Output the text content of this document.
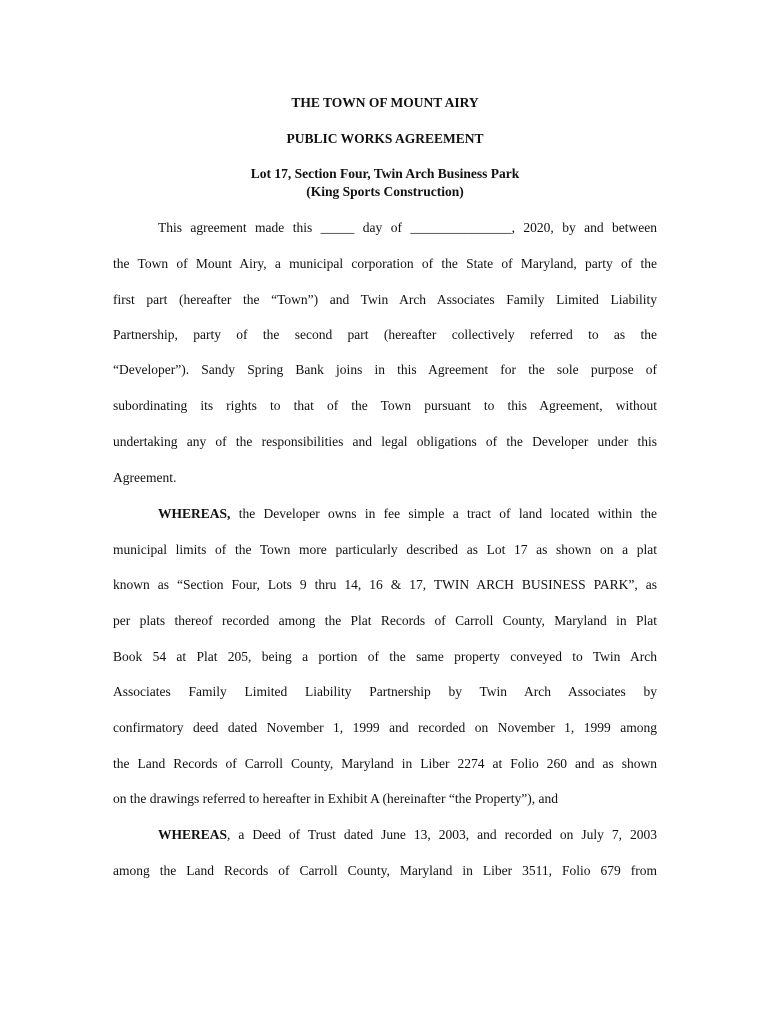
THE TOWN OF MOUNT AIRY

PUBLIC WORKS AGREEMENT

Lot 17, Section Four, Twin Arch Business Park

(King Sports Construction)

This agreement made this _____ day of _______________, 2020, by and between

the Town of Mount Airy, a municipal corporation of the State of Maryland, party of the

first part (hereafter the “Town”) and Twin Arch Associates Family Limited Liability

Partnership, party of the second part (hereafter collectively referred to as the

“Developer”). Sandy Spring Bank joins in this Agreement for the sole purpose of

subordinating its rights to that of the Town pursuant to this Agreement, without

undertaking any of the responsibilities and legal obligations of the Developer under this

Agreement.

WHEREAS, the Developer owns in fee simple a tract of land located within the

municipal limits of the Town more particularly described as Lot 17 as shown on a plat

known as “Section Four, Lots 9 thru 14, 16 & 17, TWIN ARCH BUSINESS PARK”, as

per plats thereof recorded among the Plat Records of Carroll County, Maryland in Plat

Book 54 at Plat 205, being a portion of the same property conveyed to Twin Arch

Associates Family Limited Liability Partnership by Twin Arch Associates by

confirmatory deed dated November 1, 1999 and recorded on November 1, 1999 among

the Land Records of Carroll County, Maryland in Liber 2274 at Folio 260 and as shown

on the drawings referred to hereafter in Exhibit A (hereinafter “the Property”), and

WHEREAS, a Deed of Trust dated June 13, 2003, and recorded on July 7, 2003

among the Land Records of Carroll County, Maryland in Liber 3511, Folio 679 from
